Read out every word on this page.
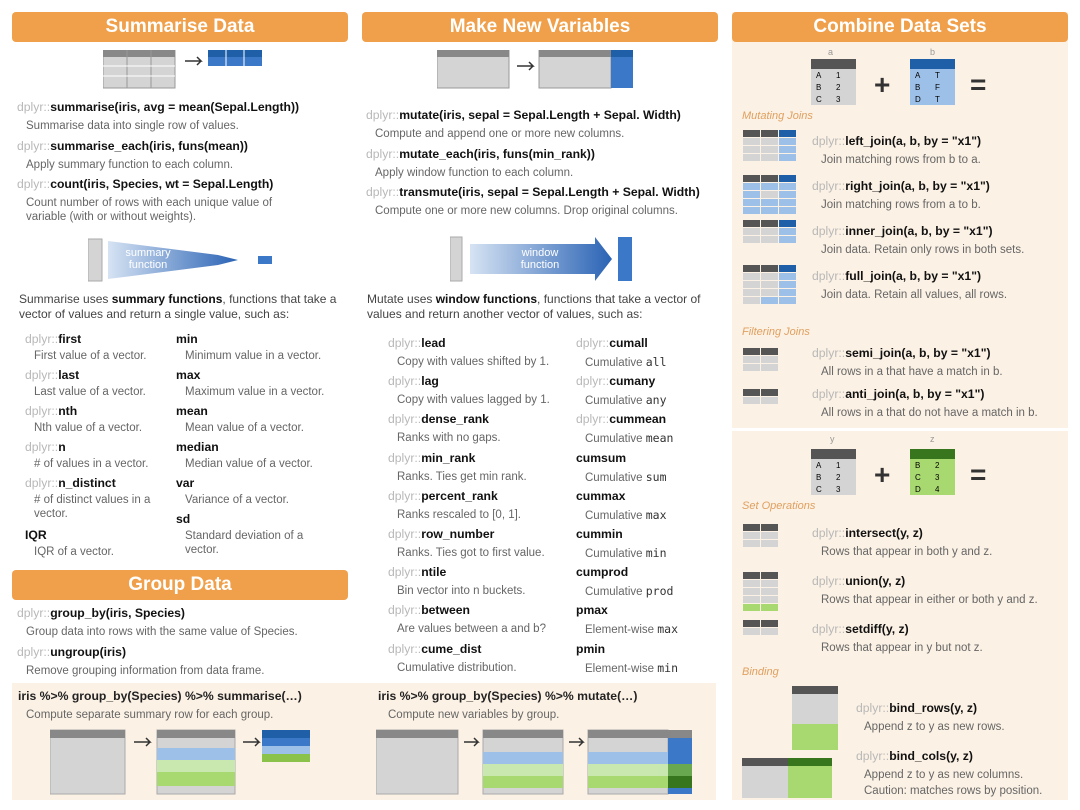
Summarise Data
dplyr::summarise(iris, avg = mean(Sepal.Length))
Summarise data into single row of values.
dplyr::summarise_each(iris, funs(mean))
Apply summary function to each column.
dplyr::count(iris, Species, wt = Sepal.Length)
Count number of rows with each unique value of variable (with or without weights).
summary function
Summarise uses summary functions, functions that take a vector of values and return a single value, such as:
dplyr::first
First value of a vector.
dplyr::last
Last value of a vector.
dplyr::nth
Nth value of a vector.
dplyr::n
# of values in a vector.
dplyr::n_distinct
# of distinct values in a vector.
IQR
IQR of a vector.
min
Minimum value in a vector.
max
Maximum value in a vector.
mean
Mean value of a vector.
median
Median value of a vector.
var
Variance of a vector.
sd
Standard deviation of a vector.
Group Data
dplyr::group_by(iris, Species)
Group data into rows with the same value of Species.
dplyr::ungroup(iris)
Remove grouping information from data frame.
iris %>% group_by(Species) %>% summarise(…)
Compute separate summary row for each group.
Make New Variables
dplyr::mutate(iris, sepal = Sepal.Length + Sepal. Width)
Compute and append one or more new columns.
dplyr::mutate_each(iris, funs(min_rank))
Apply window function to each column.
dplyr::transmute(iris, sepal = Sepal.Length + Sepal. Width)
Compute one or more new columns. Drop original columns.
window function
Mutate uses window functions, functions that take a vector of values and return another vector of values, such as:
dplyr::lead
Copy with values shifted by 1.
dplyr::lag
Copy with values lagged by 1.
dplyr::dense_rank
Ranks with no gaps.
dplyr::min_rank
Ranks. Ties get min rank.
dplyr::percent_rank
Ranks rescaled to [0, 1].
dplyr::row_number
Ranks. Ties got to first value.
dplyr::ntile
Bin vector into n buckets.
dplyr::between
Are values between a and b?
dplyr::cume_dist
Cumulative distribution.
dplyr::cumall
Cumulative all
dplyr::cumany
Cumulative any
dplyr::cummean
Cumulative mean
cumsum
Cumulative sum
cummax
Cumulative max
cummin
Cumulative min
cumprod
Cumulative prod
pmax
Element-wise max
pmin
Element-wise min
iris %>% group_by(Species) %>% mutate(…)
Compute new variables by group.
Combine Data Sets
a
A 1
B 2
C 3 +
b
A T
B F
D T =
Mutating Joins
dplyr::left_join(a, b, by = "x1")
Join matching rows from b to a.
dplyr::right_join(a, b, by = "x1")
Join matching rows from a to b.
dplyr::inner_join(a, b, by = "x1")
Join data. Retain only rows in both sets.
dplyr::full_join(a, b, by = "x1")
Join data. Retain all values, all rows.
Filtering Joins
dplyr::semi_join(a, b, by = "x1")
All rows in a that have a match in b.
dplyr::anti_join(a, b, by = "x1")
All rows in a that do not have a match in b.
y
A 1
B 2
C 3 +
z
B 2
C 3
D 4 =
Set Operations
dplyr::intersect(y, z)
Rows that appear in both y and z.
dplyr::union(y, z)
Rows that appear in either or both y and z.
dplyr::setdiff(y, z)
Rows that appear in y but not z.
Binding
dplyr::bind_rows(y, z)
Append z to y as new rows.
dplyr::bind_cols(y, z)
Append z to y as new columns.
Caution: matches rows by position.
